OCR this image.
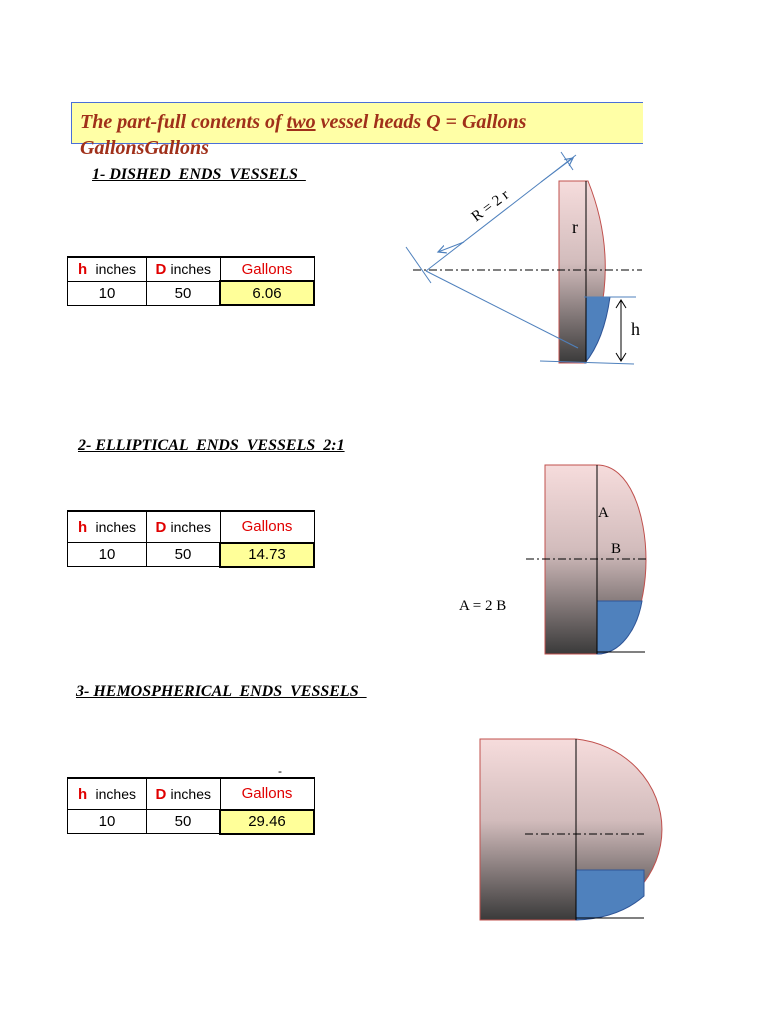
The part-full contents of two vessel heads Q = Gallons
GallonsGallons
1- DISHED  ENDS  VESSELS
2- ELLIPTICAL  ENDS  VESSELS  2:1
3- HEMOSPHERICAL  ENDS  VESSELS
h inches	D inches	Gallons
10	50	6.06
h inches	D inches	Gallons
10	50	14.73
h inches	D inches	Gallons
10	50	29.46
R = 2 r
r
h
A
B
A = 2 B
-
